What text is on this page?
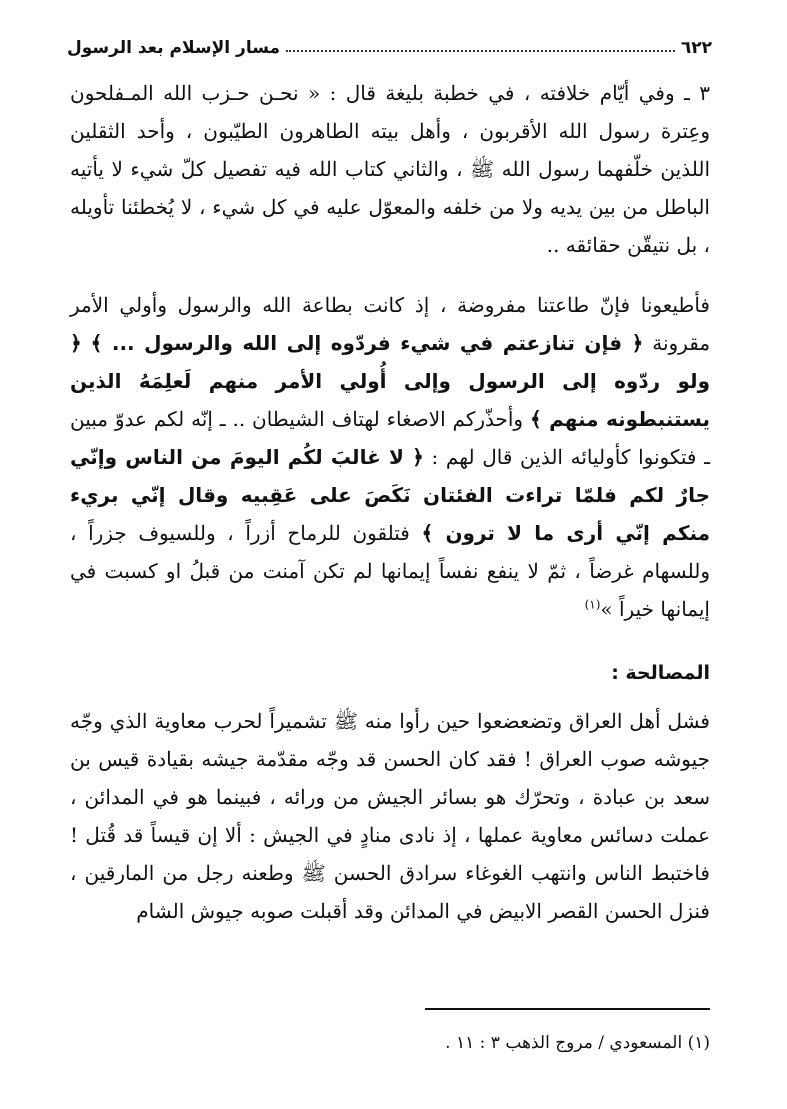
٦٢٢
مسار الإسلام بعد الرسول

٣ ـ وفي أيّام خلافته ، في خطبة بليغة قال : « نحـن حـزب الله المـفلحون وعِترة رسول الله الأقربون ، وأهل بيته الطاهرون الطيّبون ، وأحد الثقلين اللذين خلّفهما رسول الله ﷺ ، والثاني كتاب الله فيه تفصيل كلّ شيء لا يأتيه الباطل من بين يديه ولا من خلفه والمعوّل عليه في كل شيء ، لا يُخطئنا تأويله ، بل نتيقّن حقائقه ..

فأطيعونا فإنّ طاعتنا مفروضة ، إذ كانت بطاعة الله والرسول وأولي الأمر مقرونة ﴿ فإن تنازعتم في شيء فردّوه إلى الله والرسول ... ﴾ ﴿ ولو ردّوه إلى الرسول وإلى أُولي الأمر منهم لَعلِمَهُ الذين يستنبطونه منهم ﴾ وأحذّركم الاصغاء لهتاف الشيطان .. ـ إنّه لكم عدوّ مبين ـ فتكونوا كأوليائه الذين قال لهم : ﴿ لا غالبَ لكُم اليومَ من الناس وإنّي جارٌ لكم فلمّا تراءت الفئتان نَكَصَ على عَقِبيه وقال إنّي بريء منكم إنّي أرى ما لا ترون ﴾ فتلقون للرماح أزراً ، وللسيوف جزراً ، وللسهام غرضاً ، ثمّ لا ينفع نفساً إيمانها لم تكن آمنت من قبلُ او كسبت في إيمانها خيراً »$^{(١)}$

المصالحة :

فشل أهل العراق وتضعضعوا حين رأوا منه ﷺ تشميراً لحرب معاوية الذي وجّه جيوشه صوب العراق ! فقد كان الحسن قد وجّه مقدّمة جيشه بقيادة قيس بن سعد بن عبادة ، وتحرّك هو بسائر الجيش من ورائه ، فبينما هو في المدائن ، عملت دسائس معاوية عملها ، إذ نادى منادٍ في الجيش : ألا إن قيساً قد قُتل ! فاختبط الناس وانتهب الغوغاء سرادق الحسن ﷺ وطعنه رجل من المارقين ، فنزل الحسن القصر الابيض في المدائن وقد أقبلت صوبه جيوش الشام

(١) المسعودي / مروج الذهب ٣ : ١١ .
